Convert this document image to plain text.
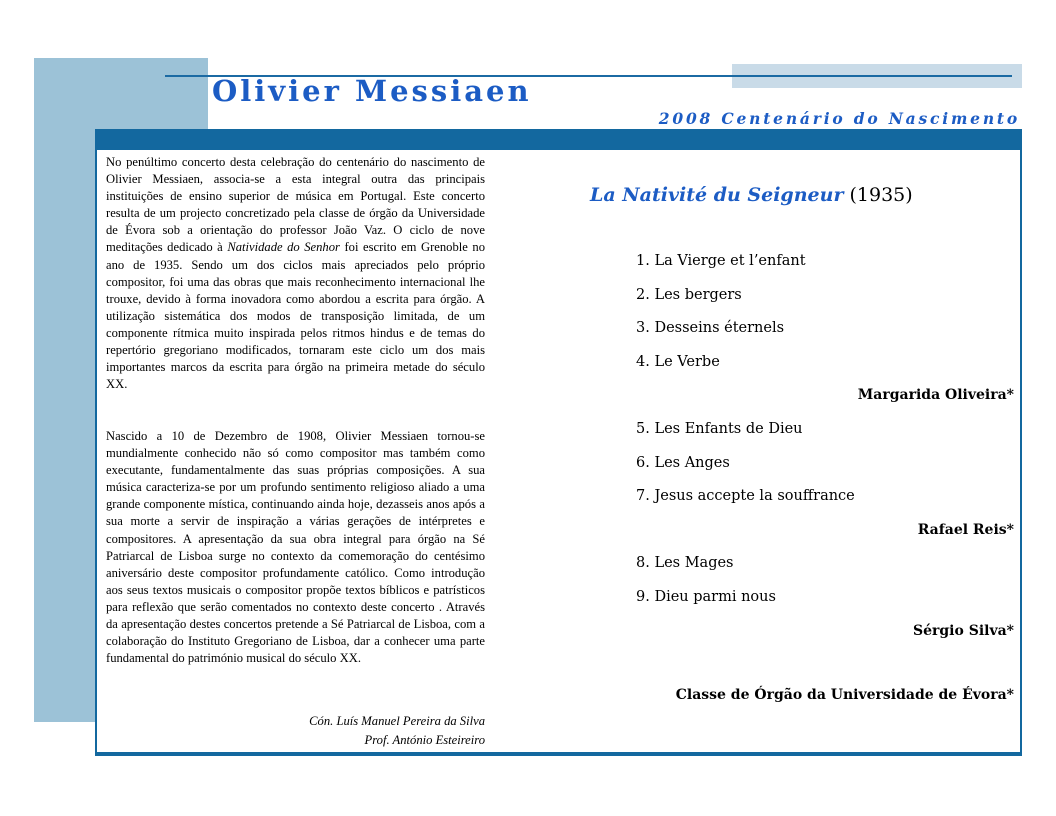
Olivier Messiaen
2008 Centenário do Nascimento

No penúltimo concerto desta celebração do centenário do nascimento de Olivier Messiaen, associa-se a esta integral outra das principais instituições de ensino superior de música em Portugal. Este concerto resulta de um projecto concretizado pela classe de órgão da Universidade de Évora sob a orientação do professor João Vaz. O ciclo de nove meditações dedicado à Natividade do Senhor foi escrito em Grenoble no ano de 1935. Sendo um dos ciclos mais apreciados pelo próprio compositor, foi uma das obras que mais reconhecimento internacional lhe trouxe, devido à forma inovadora como abordou a escrita para órgão. A utilização sistemática dos modos de transposição limitada, de um componente rítmica muito inspirada pelos ritmos hindus e de temas do repertório gregoriano modificados, tornaram este ciclo um dos mais importantes marcos da escrita para órgão na primeira metade do século XX.

Nascido a 10 de Dezembro de 1908, Olivier Messiaen tornou-se mundialmente conhecido não só como compositor mas também como executante, fundamentalmente das suas próprias composições. A sua música caracteriza-se por um profundo sentimento religioso aliado a uma grande componente mística, continuando ainda hoje, dezasseis anos após a sua morte a servir de inspiração a várias gerações de intérpretes e compositores. A apresentação da sua obra integral para órgão na Sé Patriarcal de Lisboa surge no contexto da comemoração do centésimo aniversário deste compositor profundamente católico. Como introdução aos seus textos musicais o compositor propõe textos bíblicos e patrísticos para reflexão que serão comentados no contexto deste concerto . Através da apresentação destes concertos pretende a Sé Patriarcal de Lisboa, com a colaboração do Instituto Gregoriano de Lisboa, dar a conhecer uma parte fundamental do património musical do século XX.

Cón. Luís Manuel Pereira da Silva
Prof. António Esteireiro
La Nativité du Seigneur (1935)
1. La Vierge et l’enfant
2. Les bergers
3. Desseins éternels
4. Le Verbe
Margarida Oliveira*
5. Les Enfants de Dieu
6. Les Anges
7. Jesus accepte la souffrance
Rafael Reis*
8. Les Mages
9. Dieu parmi nous
Sérgio Silva*
Classe de Órgão da Universidade de Évora*
